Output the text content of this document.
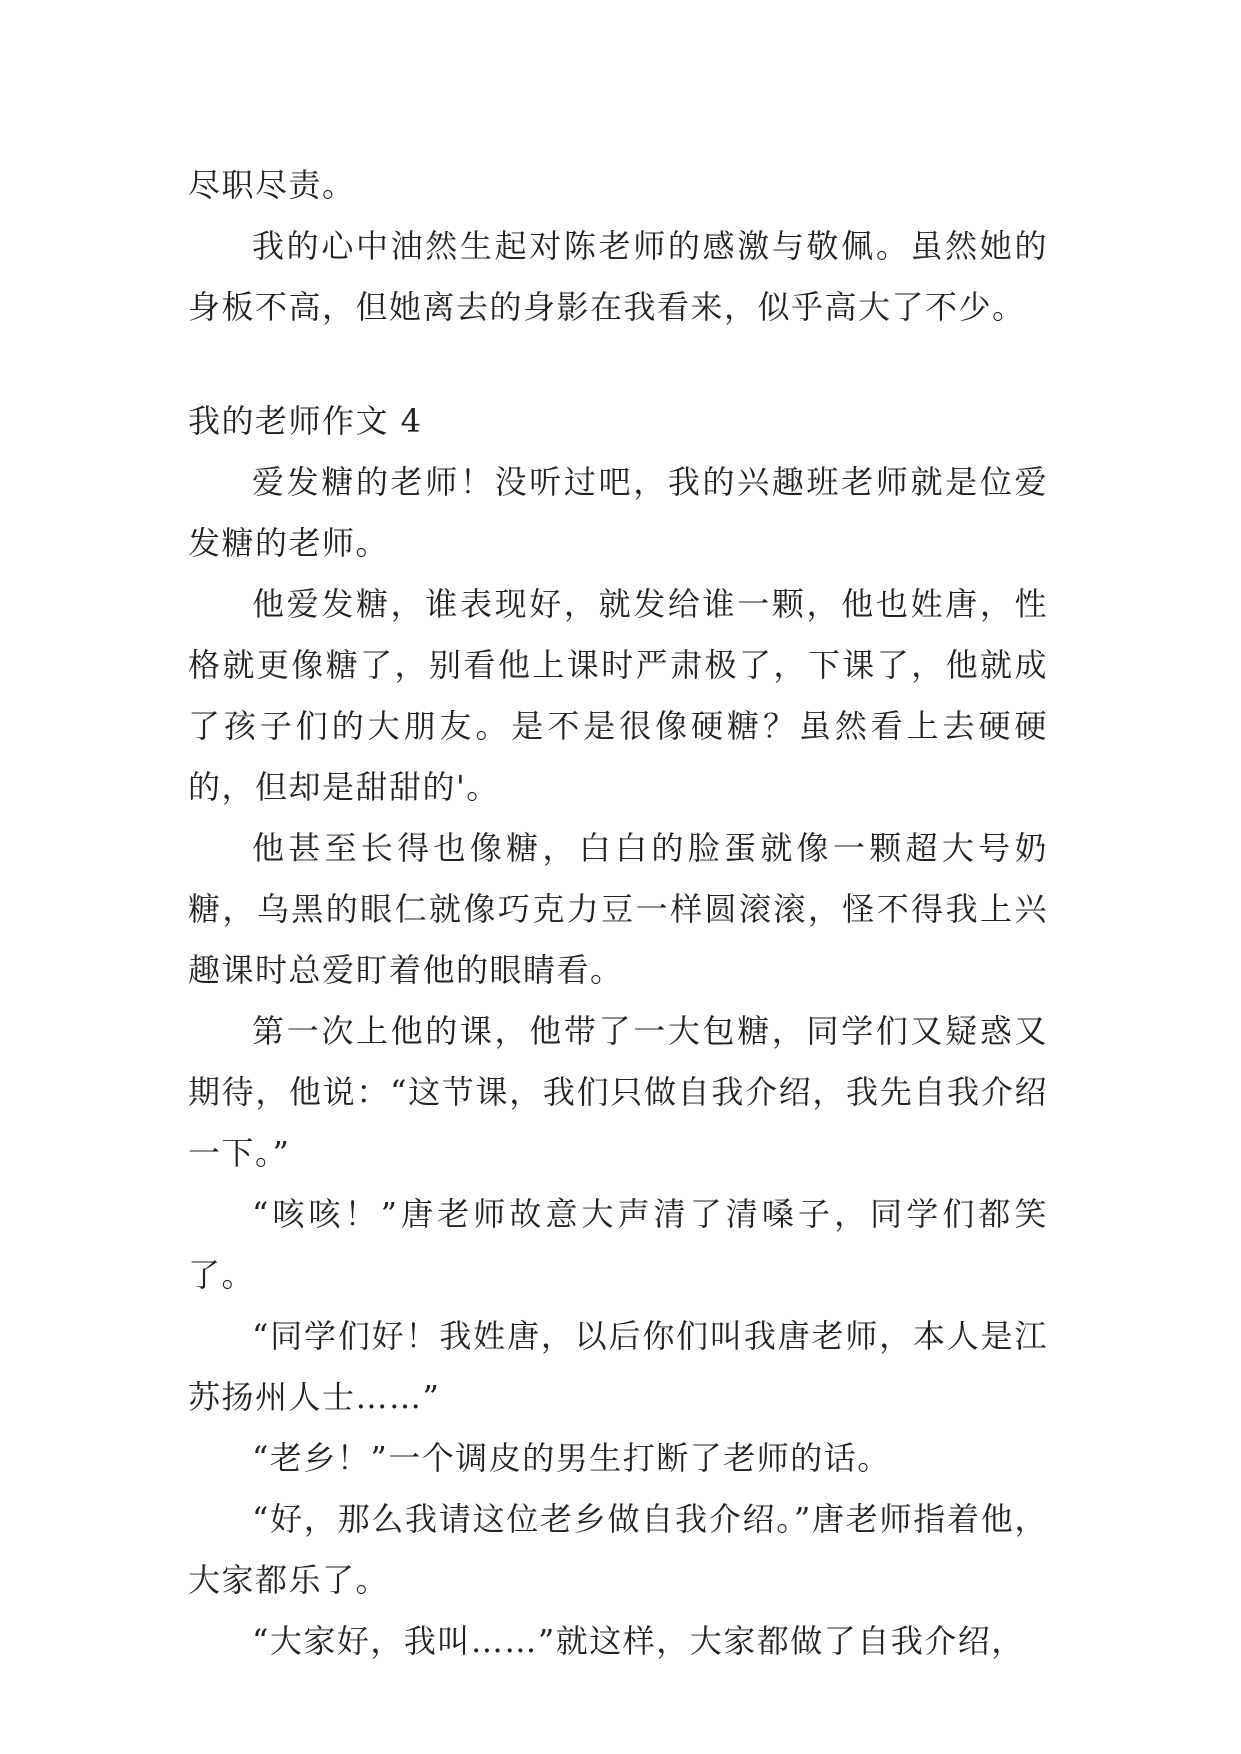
尽职尽责。

我的心中油然生起对陈老师的感激与敬佩。虽然她的身板不高，但她离去的身影在我看来，似乎高大了不少。

我的老师作文 4

爱发糖的老师！没听过吧，我的兴趣班老师就是位爱发糖的老师。

他爱发糖，谁表现好，就发给谁一颗，他也姓唐，性格就更像糖了，别看他上课时严肃极了，下课了，他就成了孩子们的大朋友。是不是很像硬糖？虽然看上去硬硬的，但却是甜甜的'。

他甚至长得也像糖，白白的脸蛋就像一颗超大号奶糖，乌黑的眼仁就像巧克力豆一样圆滚滚，怪不得我上兴趣课时总爱盯着他的眼睛看。

第一次上他的课，他带了一大包糖，同学们又疑惑又期待，他说：“这节课，我们只做自我介绍，我先自我介绍一下。”

“咳咳！”唐老师故意大声清了清嗓子，同学们都笑了。

“同学们好！我姓唐，以后你们叫我唐老师，本人是江苏扬州人士……”

“老乡！”一个调皮的男生打断了老师的话。

“好，那么我请这位老乡做自我介绍。”唐老师指着他，大家都乐了。

“大家好，我叫……”就这样，大家都做了自我介绍，
